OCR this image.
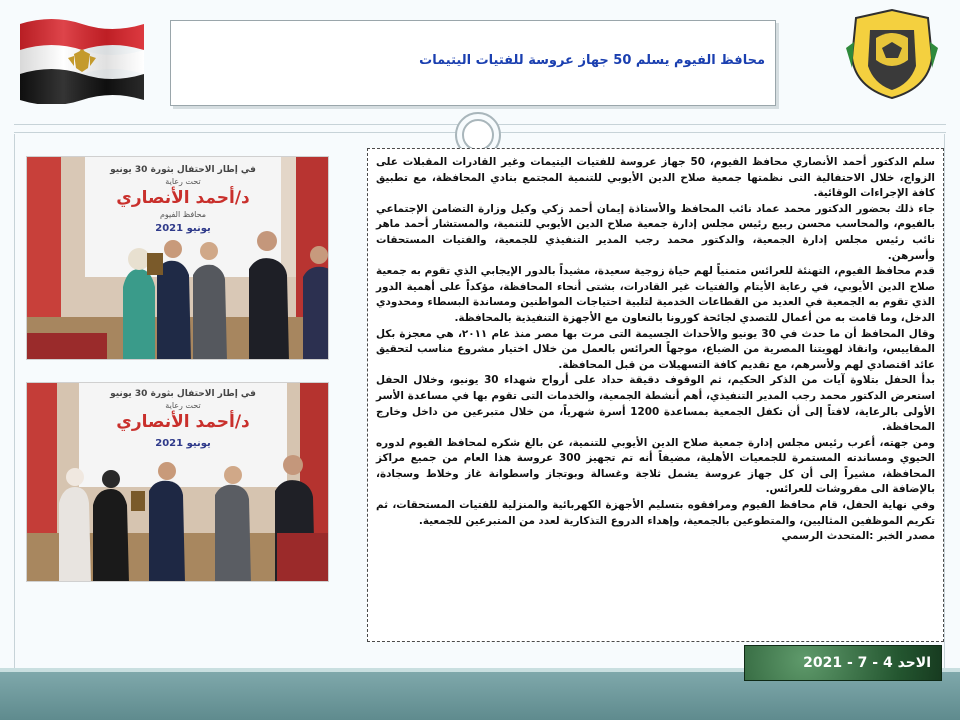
محافظ الفيوم يسلم 50 جهاز عروسة للفتيات اليتيمات
في إطار الاحتفال بثورة 30 يونيو
تحت رعاية
د/أحمد الأنصاري
محافظ الفيوم
يونيو 2021
في إطار الاحتفال بثورة 30 يونيو
تحت رعاية
د/أحمد الأنصاري
يونيو 2021

سلم الدكتور أحمد الأنصاري محافظ الفيوم، 50 جهاز عروسة للفتيات اليتيمات وغير القادرات المقبلات على الزواج، خلال الاحتفالية التى نظمتها جمعية صلاح الدين الأيوبي للتنمية المجتمع بنادي المحافظة، مع تطبيق كافة الإجراءات الوقائية.

جاء ذلك بحضور الدكتور محمد عماد نائب المحافظ والأستاذة إيمان أحمد زكي وكيل وزارة التضامن الإجتماعي بالفيوم، والمحاسب محسن ربيع رئيس مجلس إدارة جمعية صلاح الدين الأيوبي للتنمية، والمستشار أحمد ماهر نائب رئيس مجلس إدارة الجمعية، والدكتور محمد رجب المدير التنفيذي للجمعية، والفتيات المستحقات وأسرهن.

قدم محافظ الفيوم، التهنئة للعرائس متمنياً لهم حياة زوجية سعيدة، مشيداً بالدور الإيجابي الذي تقوم به جمعية صلاح الدين الأيوبي، في رعاية الأيتام والفتيات غير القادرات، بشتى أنحاء المحافظة، مؤكداً على أهمية الدور الذي تقوم به الجمعية في العديد من القطاعات الخدمية لتلبية احتياجات المواطنين ومساندة البسطاء ومحدودي الدخل، وما قامت به من أعمال للتصدي لجائحة كورونا بالتعاون مع الأجهزة التنفيذية بالمحافظة.

وقال المحافظ أن ما حدث في 30 يونيو والأحداث الجسيمة التى مرت بها مصر منذ عام ٢٠١١، هي معجزة بكل المقاييس، وانقاذ لهويتنا المصرية من الضياع، موجهاً العرائس بالعمل من خلال اختيار مشروع مناسب لتحقيق عائد اقتصادي لهم ولأسرهم، مع تقديم كافة التسهيلات من قبل المحافظة.

بدأ الحفل بتلاوة آيات من الذكر الحكيم، ثم الوقوف دقيقة حداد على أرواح شهداء 30 يونيو، وخلال الحفل استعرض الدكتور محمد رجب المدير التنفيذي، أهم أنشطة الجمعية، والخدمات التى تقوم بها في مساعدة الأسر الأولى بالرعاية، لافتاً إلى أن تكفل الجمعية بمساعدة 1200 أسرة شهرياً، من خلال متبرعين من داخل وخارج المحافظة.

ومن جهته، أعرب رئيس مجلس إدارة جمعية صلاح الدين الأيوبي للتنمية، عن بالغ شكره لمحافظ الفيوم لدوره الحيوي ومساندته المستمرة للجمعيات الأهلية، مضيفاً أنه تم تجهيز 300 عروسة هذا العام من جميع مراكز المحافظة، مشيراً إلى أن كل جهاز عروسة يشمل ثلاجة وغسالة وبوتجاز واسطوانة غاز وخلاط وسجادة، بالإضافة الى مفروشات للعرائس.

وفي نهاية الحفل، قام محافظ الفيوم ومرافقوه بتسليم الأجهزة الكهربائية والمنزلية للفتيات المستحقات، ثم تكريم الموظفين المثاليين، والمتطوعين بالجمعية، وإهداء الدروع التذكارية لعدد من المتبرعين للجمعية.

مصدر الخبر :المتحدث الرسمي

الاحد 4 - 7 - 2021
